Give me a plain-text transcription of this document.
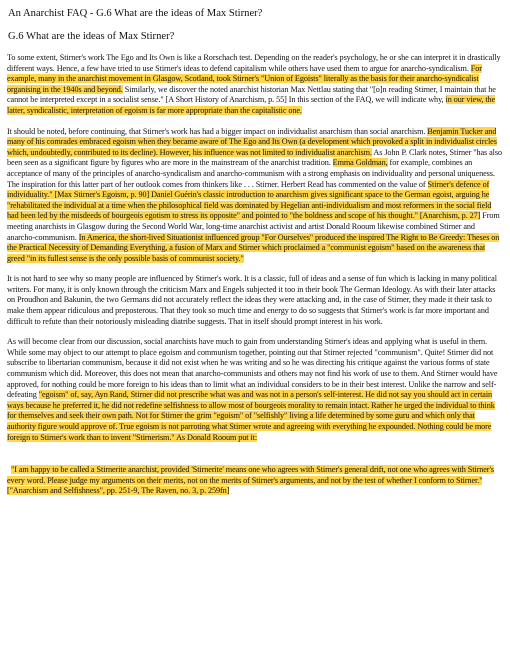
An Anarchist FAQ - G.6 What are the ideas of Max Stirner?
G.6 What are the ideas of Max Stirner?

To some extent, Stirner's work The Ego and Its Own is like a Rorschach test. Depending on the reader's psychology, he or she can interpret it in drastically different ways. Hence, a few have tried to use Stirner's ideas to defend capitalism while others have used them to argue for anarcho-syndicalism. For example, many in the anarchist movement in Glasgow, Scotland, took Stirner's "Union of Egoists" literally as the basis for their anarcho-syndicalist organising in the 1940s and beyond. Similarly, we discover the noted anarchist historian Max Nettlau stating that "[o]n reading Stirner, I maintain that he cannot be interpreted except in a socialist sense." [A Short History of Anarchism, p. 55] In this section of the FAQ, we will indicate why, in our view, the latter, syndicalistic, interpretation of egoism is far more appropriate than the capitalistic one.

It should be noted, before continuing, that Stirner's work has had a bigger impact on individualist anarchism than social anarchism. Benjamin Tucker and many of his comrades embraced egoism when they became aware of The Ego and Its Own (a development which provoked a split in individualist circles which, undoubtedly, contributed to its decline). However, his influence was not limited to individualist anarchism. As John P. Clark notes, Stirner "has also been seen as a significant figure by figures who are more in the mainstream of the anarchist tradition. Emma Goldman, for example, combines an acceptance of many of the principles of anarcho-syndicalism and anarcho-communism with a strong emphasis on individuality and personal uniqueness. The inspiration for this latter part of her outlook comes from thinkers like . . . Stirner. Herbert Read has commented on the value of Stirner's defence of individuality." [Max Stirner's Egoism, p. 90] Daniel Guérin's classic introduction to anarchism gives significant space to the German egoist, arguing he "rehabilitated the individual at a time when the philosophical field was dominated by Hegelian anti-individualism and most reformers in the social field had been led by the misdeeds of bourgeois egotism to stress its opposite" and pointed to "the boldness and scope of his thought." [Anarchism, p. 27] From meeting anarchists in Glasgow during the Second World War, long-time anarchist activist and artist Donald Rooum likewise combined Stirner and anarcho-communism. In America, the short-lived Situationist influenced group "For Ourselves" produced the inspired The Right to Be Greedy: Theses on the Practical Necessity of Demanding Everything, a fusion of Marx and Stirner which proclaimed a "communist egoism" based on the awareness that greed "in its fullest sense is the only possible basis of communist society."

It is not hard to see why so many people are influenced by Stirner's work. It is a classic, full of ideas and a sense of fun which is lacking in many political writers. For many, it is only known through the criticism Marx and Engels subjected it too in their book The German Ideology. As with their later attacks on Proudhon and Bakunin, the two Germans did not accurately reflect the ideas they were attacking and, in the case of Stirner, they made it their task to make them appear ridiculous and preposterous. That they took so much time and energy to do so suggests that Stirner's work is far more important and difficult to refute than their notoriously misleading diatribe suggests. That in itself should prompt interest in his work.

As will become clear from our discussion, social anarchists have much to gain from understanding Stirner's ideas and applying what is useful in them. While some may object to our attempt to place egoism and communism together, pointing out that Stirner rejected "communism". Quite! Stirner did not subscribe to libertarian communism, because it did not exist when he was writing and so he was directing his critique against the various forms of state communism which did. Moreover, this does not mean that anarcho-communists and others may not find his work of use to them. And Stirner would have approved, for nothing could be more foreign to his ideas than to limit what an individual considers to be in their best interest. Unlike the narrow and self-defeating "egoism" of, say, Ayn Rand, Stirner did not prescribe what was and was not in a person's self-interest. He did not say you should act in certain ways because he preferred it, he did not redefine selfishness to allow most of bourgeois morality to remain intact. Rather he urged the individual to think for themselves and seek their own path. Not for Stirner the grim "egoism" of "selfishly" living a life determined by some guru and which only that authority figure would approve of. True egoism is not parroting what Stirner wrote and agreeing with everything he expounded. Nothing could be more foreign to Stirner's work than to invent "Stirnerism." As Donald Rooum put it:

"I am happy to be called a Stirnerite anarchist, provided 'Stirnerite' means one who agrees with Stirner's general drift, not one who agrees with Stirner's every word. Please judge my arguments on their merits, not on the merits of Stirner's arguments, and not by the test of whether I conform to Stirner." ["Anarchism and Selfishness", pp. 251-9, The Raven, no. 3, p. 259fn]
